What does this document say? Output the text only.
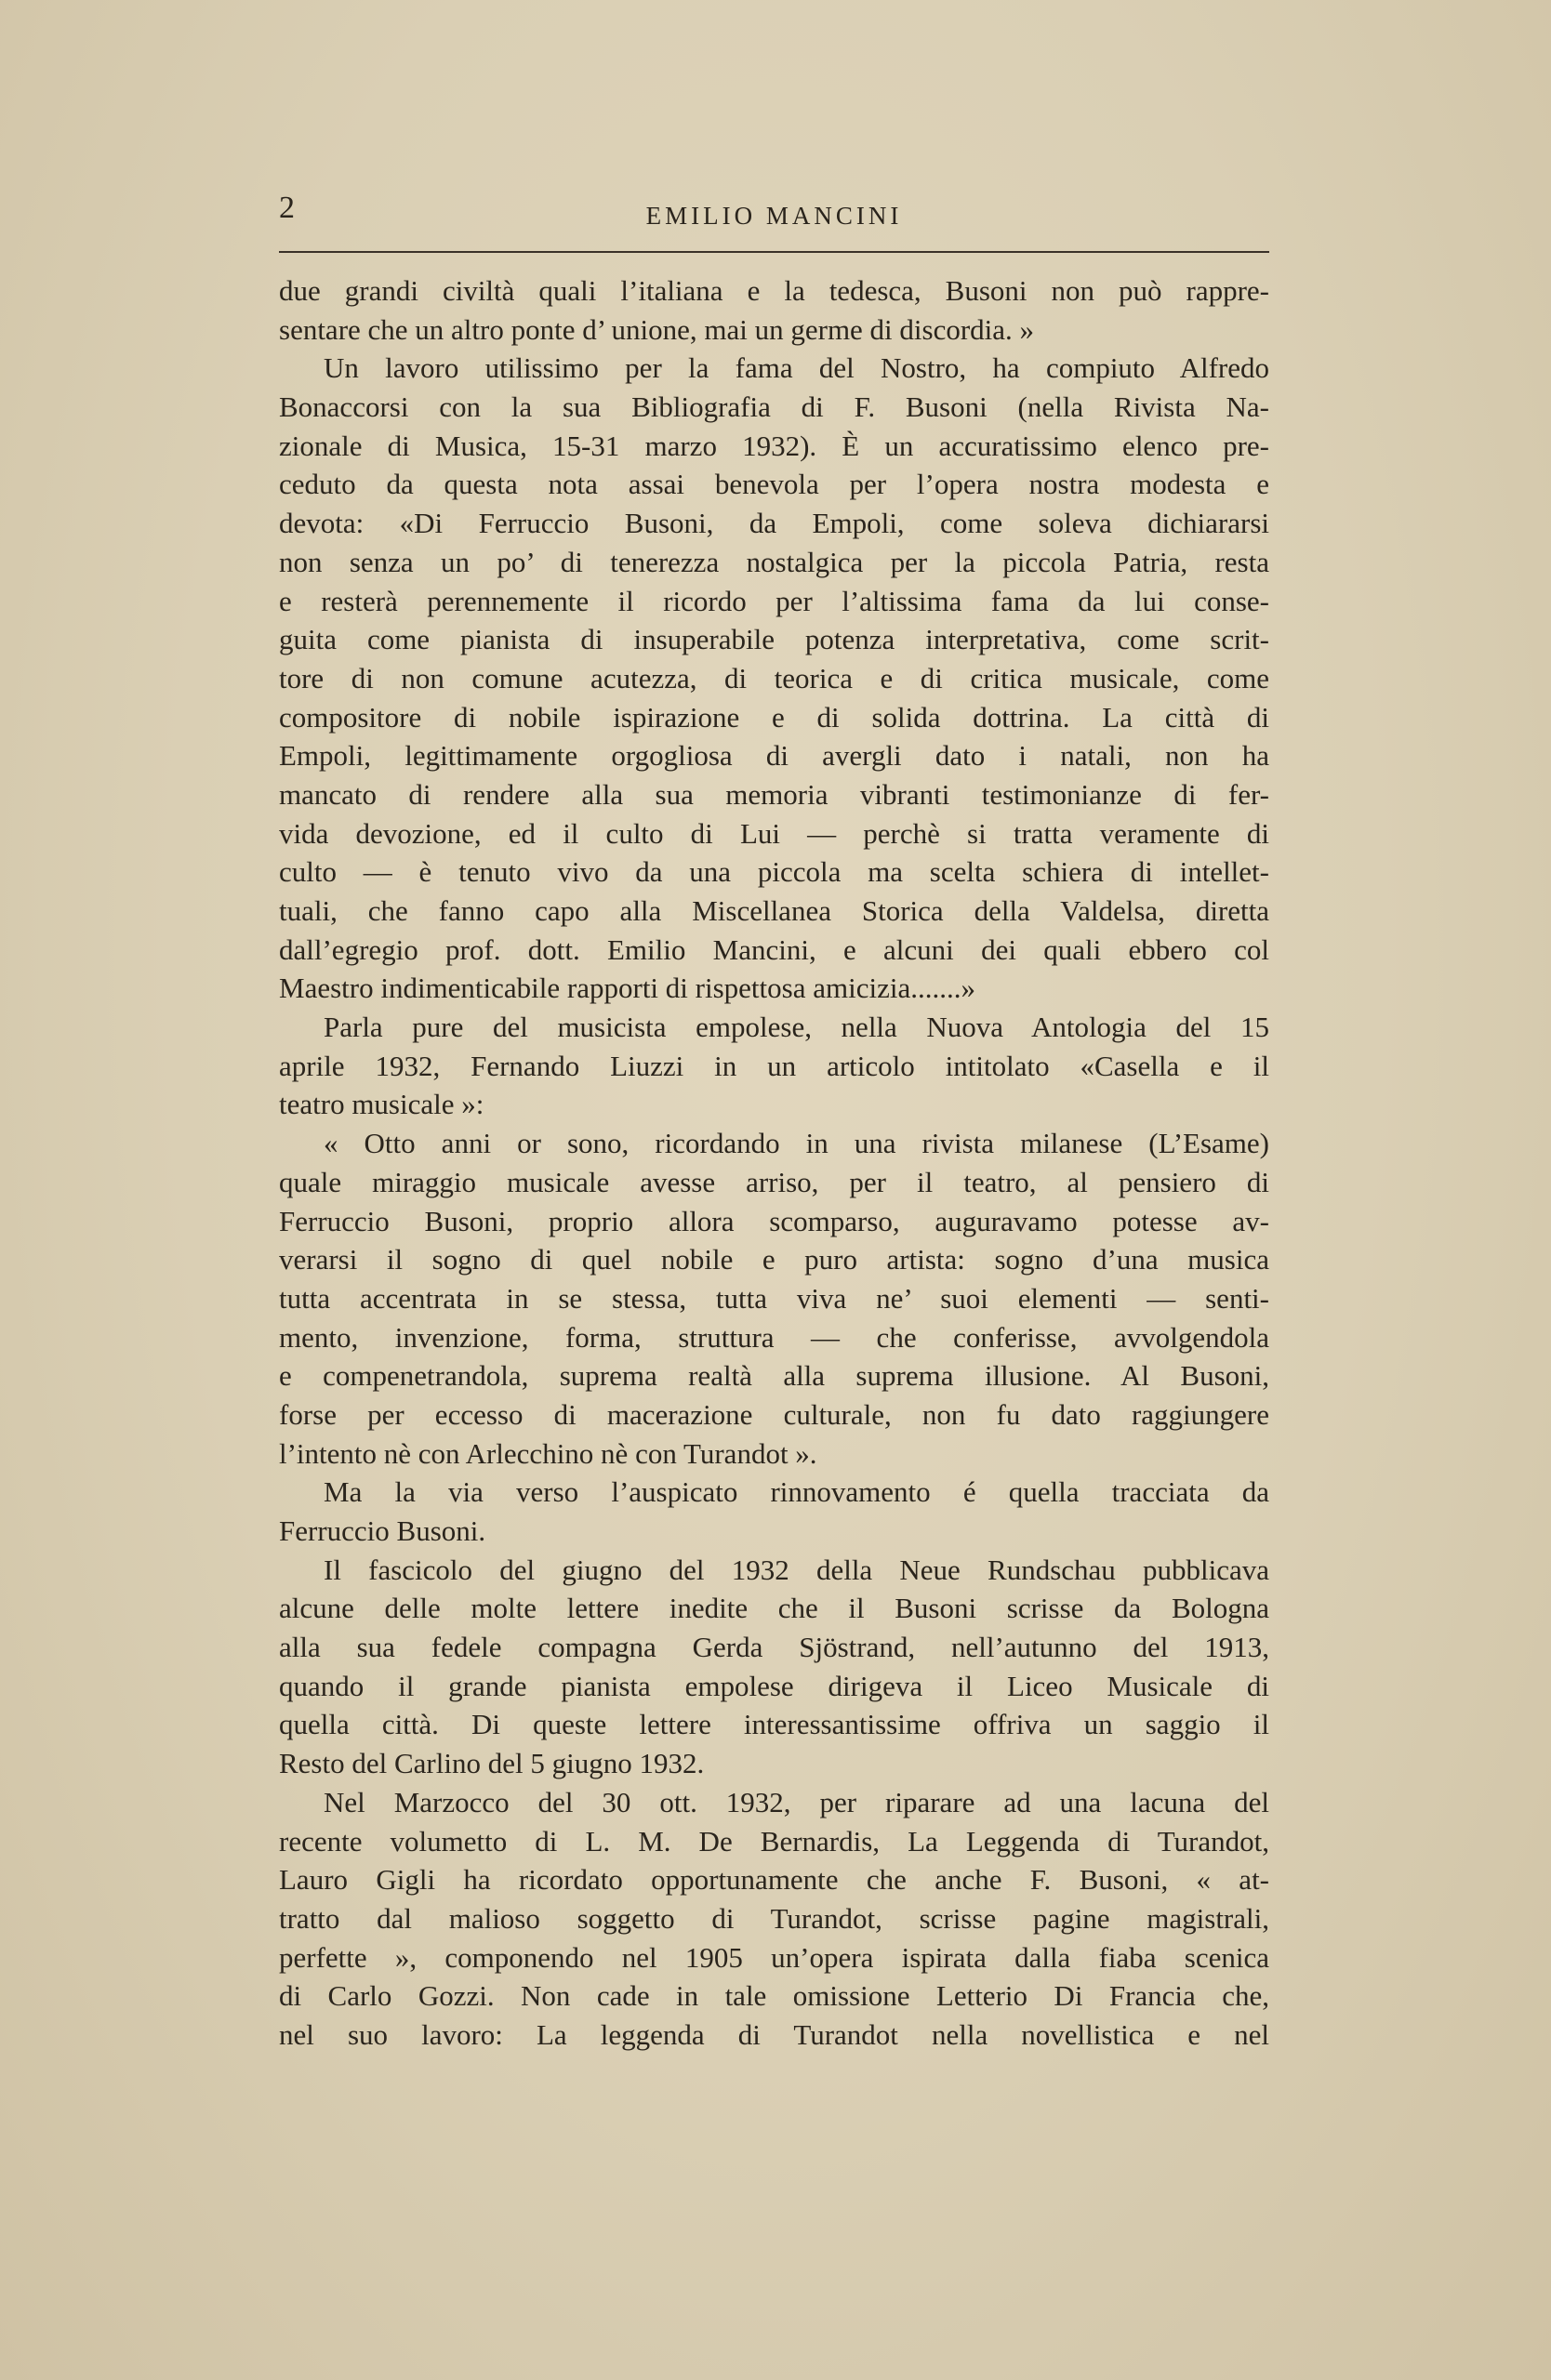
2	EMILIO MANCINI
due grandi civiltà quali l’italiana e la tedesca, Busoni non può rappre-
sentare che un altro ponte d’ unione, mai un germe di discordia. »
Un lavoro utilissimo per la fama del Nostro, ha compiuto Alfredo
Bonaccorsi con la sua Bibliografia di F. Busoni (nella Rivista Na-
zionale di Musica, 15-31 marzo 1932). È un accuratissimo elenco pre-
ceduto da questa nota assai benevola per l’opera nostra modesta e
devota: «Di Ferruccio Busoni, da Empoli, come soleva dichiararsi
non senza un po’ di tenerezza nostalgica per la piccola Patria, resta
e resterà perennemente il ricordo per l’altissima fama da lui conse-
guita come pianista di insuperabile potenza interpretativa, come scrit-
tore di non comune acutezza, di teorica e di critica musicale, come
compositore di nobile ispirazione e di solida dottrina. La città di
Empoli, legittimamente orgogliosa di avergli dato i natali, non ha
mancato di rendere alla sua memoria vibranti testimonianze di fer-
vida devozione, ed il culto di Lui — perchè si tratta veramente di
culto — è tenuto vivo da una piccola ma scelta schiera di intellet-
tuali, che fanno capo alla Miscellanea Storica della Valdelsa, diretta
dall’egregio prof. dott. Emilio Mancini, e alcuni dei quali ebbero col
Maestro indimenticabile rapporti di rispettosa amicizia.......»
Parla pure del musicista empolese, nella Nuova Antologia del 15
aprile 1932, Fernando Liuzzi in un articolo intitolato «Casella e il
teatro musicale »:
« Otto anni or sono, ricordando in una rivista milanese (L’Esame)
quale miraggio musicale avesse arriso, per il teatro, al pensiero di
Ferruccio Busoni, proprio allora scomparso, auguravamo potesse av-
verarsi il sogno di quel nobile e puro artista: sogno d’una musica
tutta accentrata in se stessa, tutta viva ne’ suoi elementi — senti-
mento, invenzione, forma, struttura — che conferisse, avvolgendola
e compenetrandola, suprema realtà alla suprema illusione. Al Busoni,
forse per eccesso di macerazione culturale, non fu dato raggiungere
l’intento nè con Arlecchino nè con Turandot ».
Ma la via verso l’auspicato rinnovamento é quella tracciata da
Ferruccio Busoni.
Il fascicolo del giugno del 1932 della Neue Rundschau pubblicava
alcune delle molte lettere inedite che il Busoni scrisse da Bologna
alla sua fedele compagna Gerda Sjöstrand, nell’autunno del 1913,
quando il grande pianista empolese dirigeva il Liceo Musicale di
quella città. Di queste lettere interessantissime offriva un saggio il
Resto del Carlino del 5 giugno 1932.
Nel Marzocco del 30 ott. 1932, per riparare ad una lacuna del
recente volumetto di L. M. De Bernardis, La Leggenda di Turandot,
Lauro Gigli ha ricordato opportunamente che anche F. Busoni, « at-
tratto dal malioso soggetto di Turandot, scrisse pagine magistrali,
perfette », componendo nel 1905 un’opera ispirata dalla fiaba scenica
di Carlo Gozzi. Non cade in tale omissione Letterio Di Francia che,
nel suo lavoro: La leggenda di Turandot nella novellistica e nel
